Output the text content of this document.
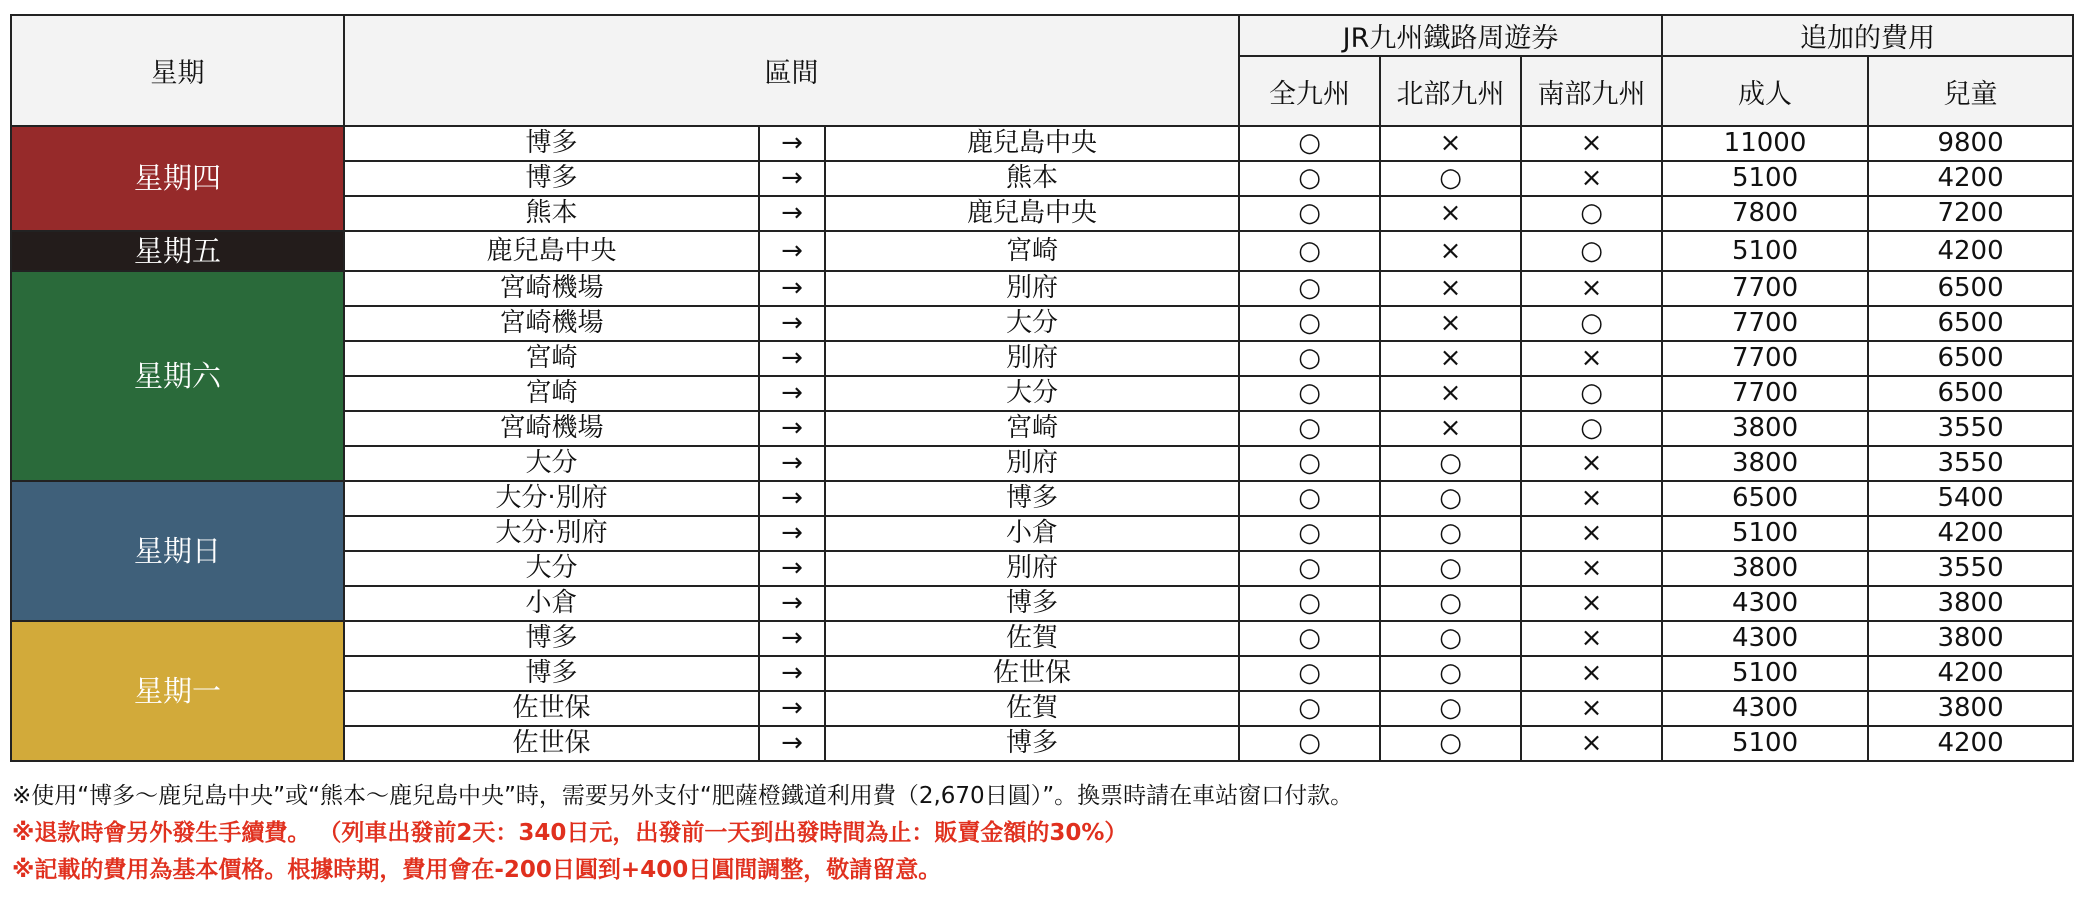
星期	區間			JR九州鐵路周遊券			追加的費用	
				全九州	北部九州	南部九州	成人	兒童
星期四	博多	→	鹿兒島中央	○	×	×	11000	9800
	博多	→	熊本	○	○	×	5100	4200
	熊本	→	鹿兒島中央	○	×	○	7800	7200
星期五	鹿兒島中央	→	宮崎	○	×	○	5100	4200
星期六	宮崎機場	→	別府	○	×	×	7700	6500
	宮崎機場	→	大分	○	×	○	7700	6500
	宮崎	→	別府	○	×	×	7700	6500
	宮崎	→	大分	○	×	○	7700	6500
	宮崎機場	→	宮崎	○	×	○	3800	3550
	大分	→	別府	○	○	×	3800	3550
星期日	大分‧別府	→	博多	○	○	×	6500	5400
	大分‧別府	→	小倉	○	○	×	5100	4200
	大分	→	別府	○	○	×	3800	3550
	小倉	→	博多	○	○	×	4300	3800
星期一	博多	→	佐賀	○	○	×	4300	3800
	博多	→	佐世保	○	○	×	5100	4200
	佐世保	→	佐賀	○	○	×	4300	3800
	佐世保	→	博多	○	○	×	5100	4200
※使用“博多～鹿兒島中央”或“熊本～鹿兒島中央”時，需要另外支付“肥薩橙鐵道利用費（2,670日圓）”。換票時請在車站窗口付款。
※退款時會另外發生手續費。 （列車出發前2天：340日元，出發前一天到出發時間為止：販賣金額的30%）
※記載的費用為基本價格。根據時期，費用會在-200日圓到+400日圓間調整，敬請留意。
